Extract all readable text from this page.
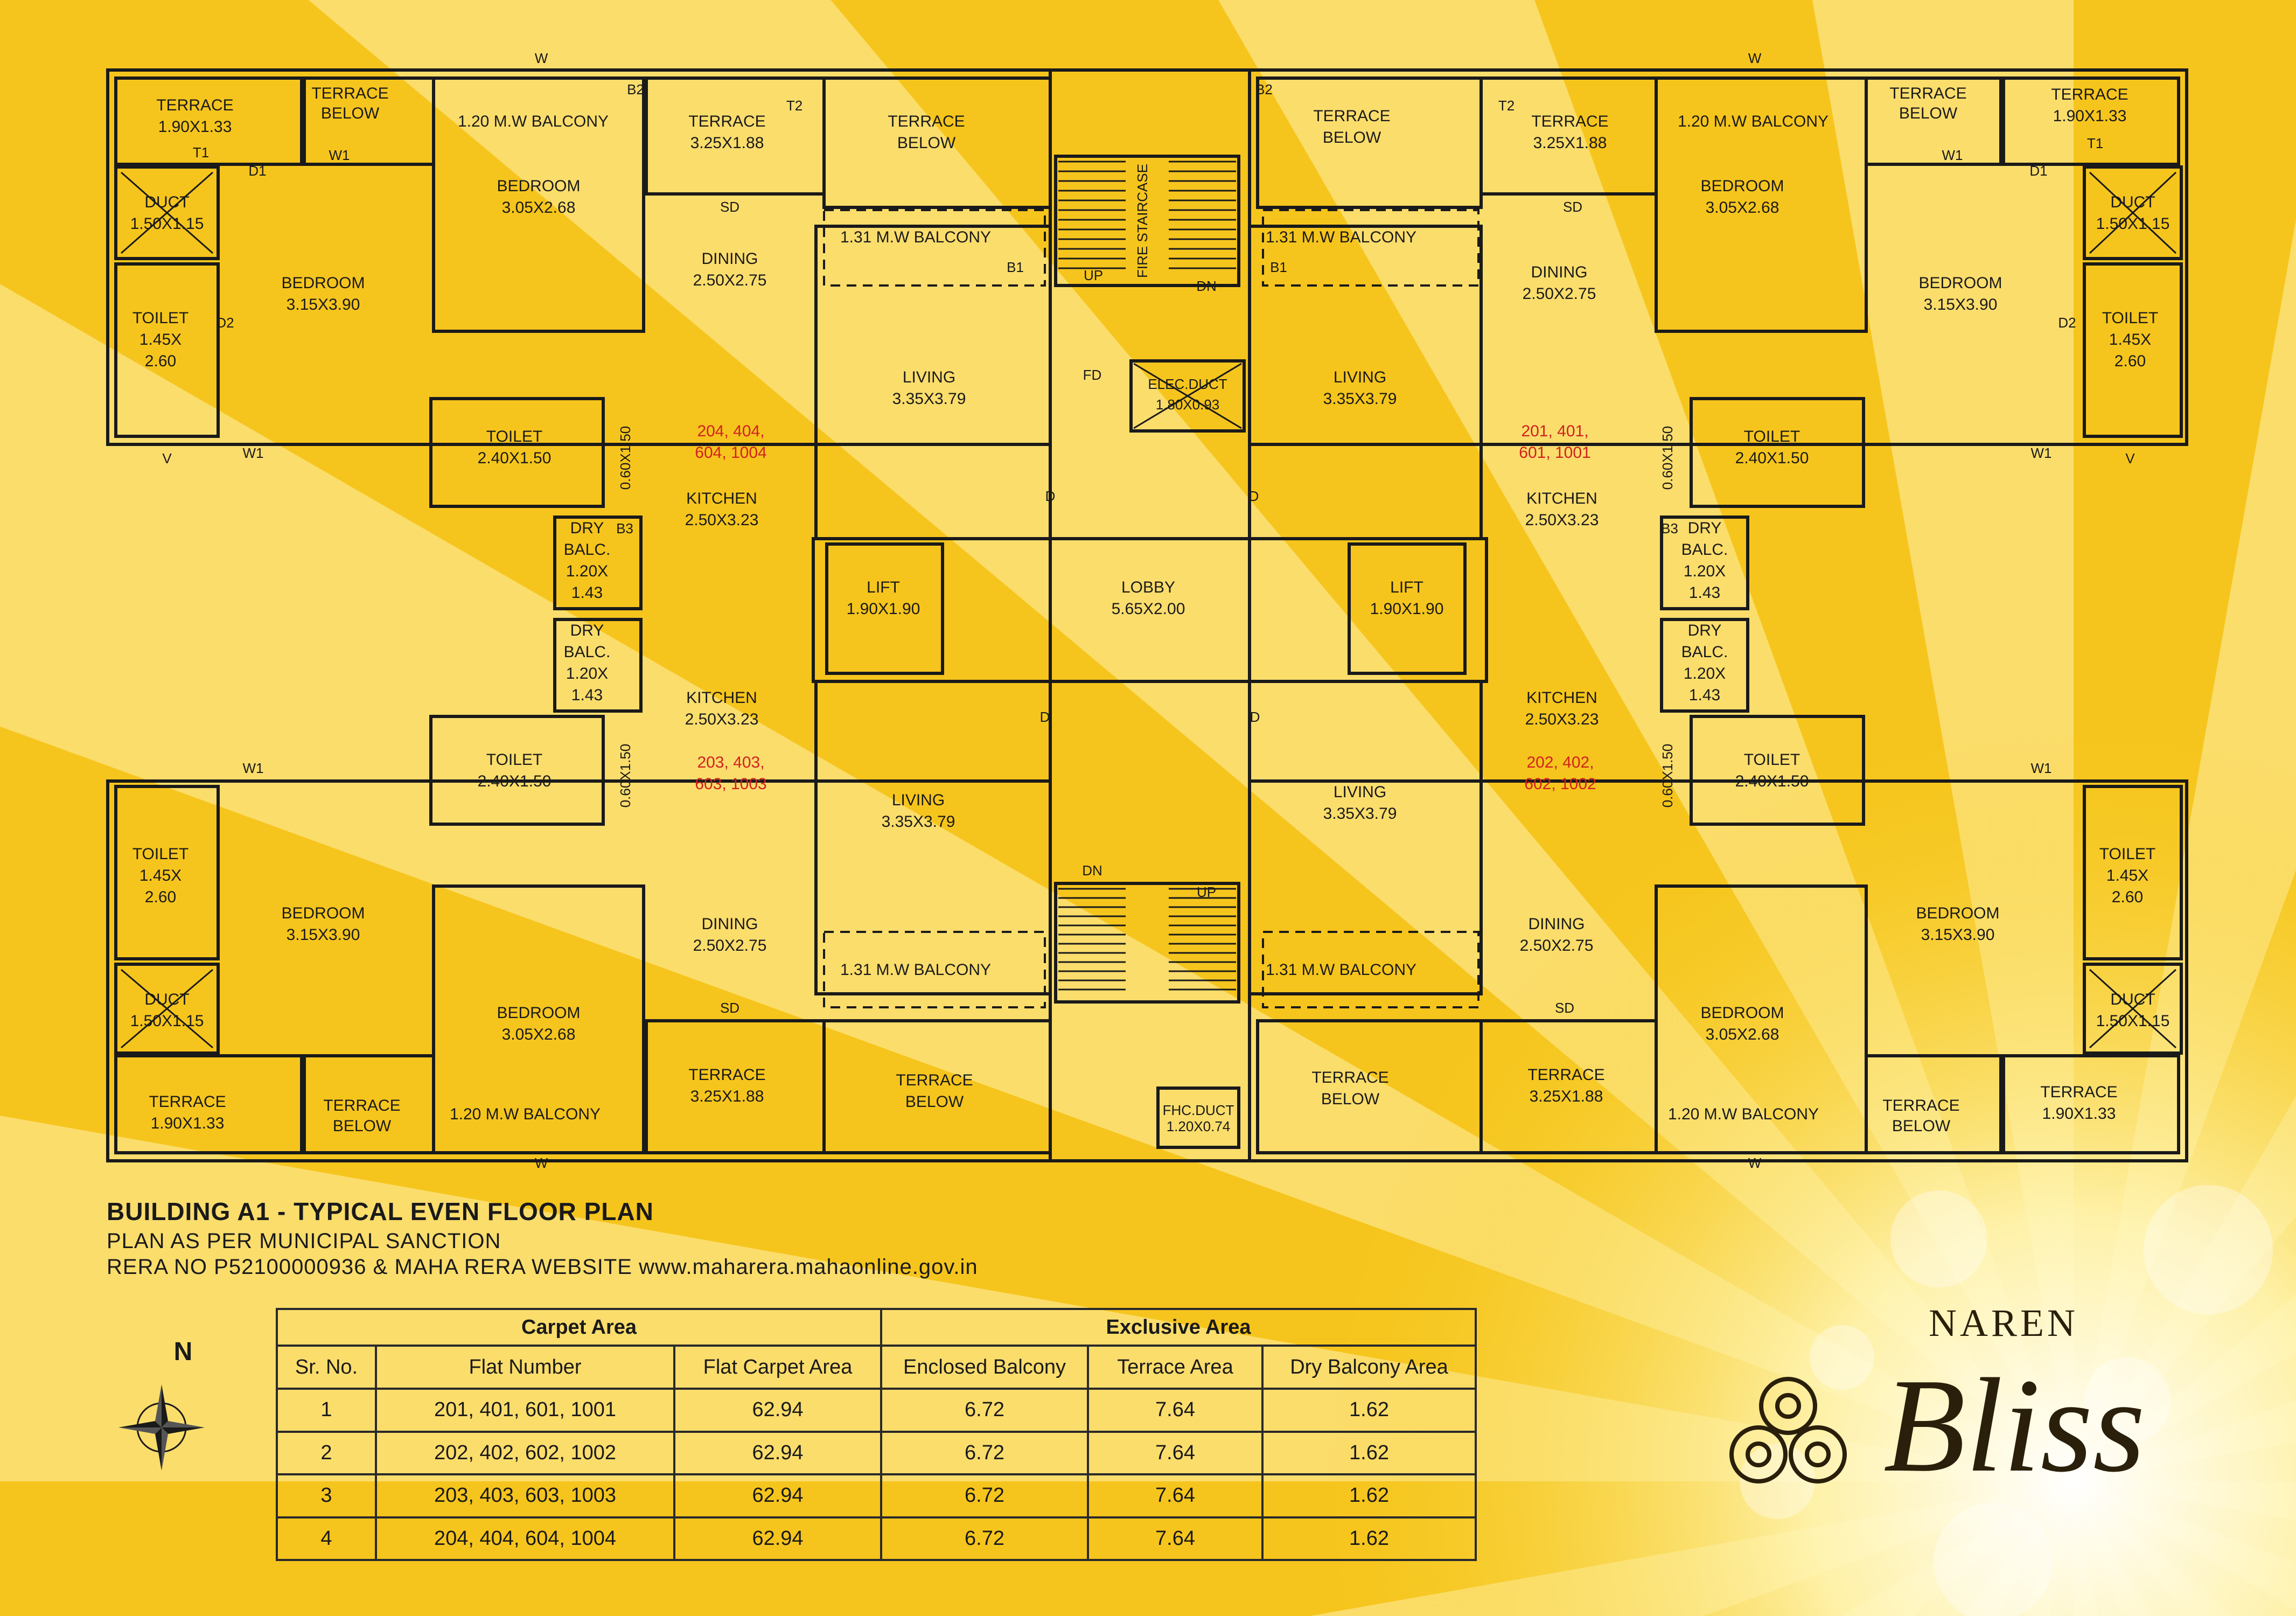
TERRACE
1.90X1.33
TERRACE
BELOW	1.20 M.W BALCONY
BEDROOM
3.05X2.68
TERRACE
3.25X1.88
TERRACE
BELOW
DUCT
1.50X1.15
BEDROOM
3.15X3.90
TOILET
1.45X
2.60
DINING
2.50X2.75
1.31 M.W BALCONY
LIVING
3.35X3.79
TOILET
2.40X1.50
KITCHEN
2.50X3.23
204, 404,
604, 1004
DRY
BALC.
1.20X
1.43	LIFT
1.90X1.90
LOBBY
5.65X2.00
FIRE STAIRCASE
ELEC.DUCT
1.80X0.93
FHC.DUCT
1.20X0.74
TERRACE
1.90X1.33
TERRACE
BELOW
1.20 M.W BALCONY
BEDROOM
3.05X2.68
TERRACE
3.25X1.88
TERRACE
BELOW
DUCT
1.50X1.15
BEDROOM
3.15X3.90
TOILET
1.45X
2.60
DINING
2.50X2.75
1.31 M.W BALCONY
LIVING
3.35X3.79
TOILET
2.40X1.50
KITCHEN
2.50X3.23
201, 401,
601, 1001
DRY
BALC.
1.20X
1.43
LIFT
1.90X1.90
KITCHEN
2.50X3.23
DRY
BALC.
1.20X
1.43
203, 403,
603, 1003
TOILET
2.40X1.50
LIVING
3.35X3.79
TOILET
1.45X
2.60
BEDROOM
3.15X3.90
DINING
2.50X2.75
1.31 M.W BALCONY
DUCT
1.50X1.15	BEDROOM
3.05X2.68
TERRACE
3.25X1.88
TERRACE
BELOW
TERRACE
1.90X1.33
TERRACE
BELOW
1.20 M.W BALCONY
KITCHEN
2.50X3.23
DRY
BALC.
1.20X
1.43
202, 402,
602, 1002
TOILET
2.40X1.50
LIVING
3.35X3.79
TOILET
1.45X
2.60
BEDROOM
3.15X3.90
DINING
2.50X2.75
1.31 M.W BALCONY
DUCT
1.50X1.15
BEDROOM
3.05X2.68
TERRACE
3.25X1.88
TERRACE
BELOW	TERRACE
1.90X1.33
TERRACE
BELOW
1.20 M.W BALCONY
0.60X1.50	0.60X1.50
0.60X1.50	0.60X1.50
W	W
W	W
W1	W1
W1	W1
W1	W1
UP
DN
FD
DN
UP
SD	SD
SD	SD
D	D
D	D
D1	D1
D2	D2
B2
B2
B1	B1
B3	B3
T1
T1
T2	T2
V	V
BUILDING A1 - TYPICAL EVEN FLOOR PLAN
PLAN AS PER MUNICIPAL SANCTION
RERA NO P52100000936 & MAHA RERA WEBSITE www.maharera.mahaonline.gov.in
N
Carpet Area			Exclusive Area		
Sr. No.	Flat Number	Flat Carpet Area	Enclosed Balcony	Terrace Area	Dry Balcony Area
1	201, 401, 601, 1001	62.94	6.72	7.64	1.62
2	202, 402, 602, 1002	62.94	6.72	7.64	1.62
3	203, 403, 603, 1003	62.94	6.72	7.64	1.62
4	204, 404, 604, 1004	62.94	6.72	7.64	1.62
NAREN
Bliss
